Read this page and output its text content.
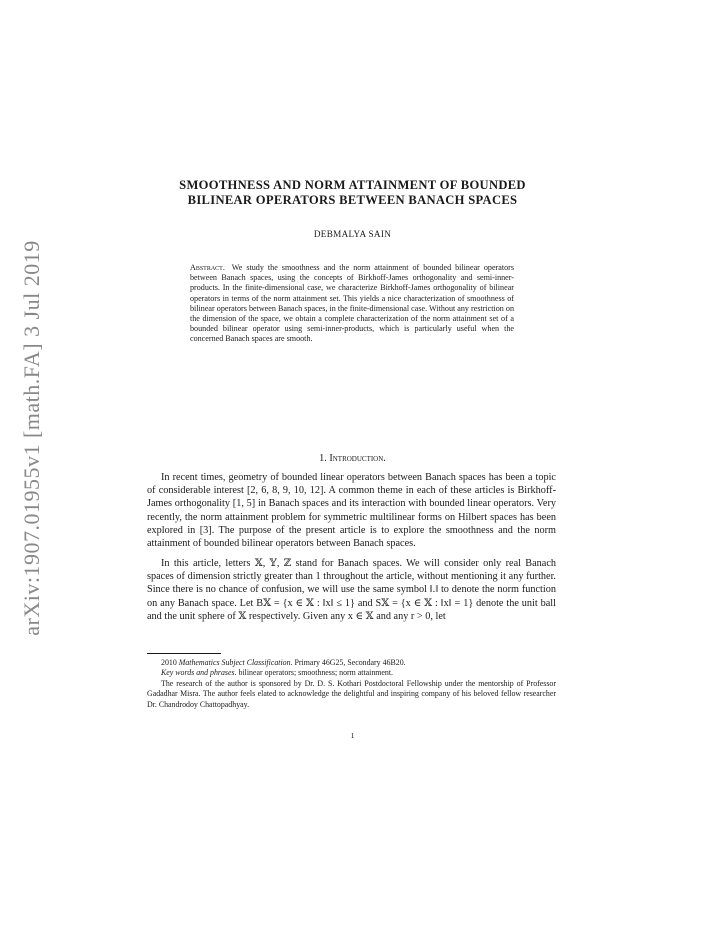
arXiv:1907.01955v1 [math.FA] 3 Jul 2019
SMOOTHNESS AND NORM ATTAINMENT OF BOUNDED
BILINEAR OPERATORS BETWEEN BANACH SPACES
DEBMALYA SAIN
Abstract. We study the smoothness and the norm attainment of bounded bilinear operators between Banach spaces, using the concepts of Birkhoff-James orthogonality and semi-inner-products. In the finite-dimensional case, we characterize Birkhoff-James orthogonality of bilinear operators in terms of the norm attainment set. This yields a nice characterization of smoothness of bilinear operators between Banach spaces, in the finite-dimensional case. Without any restriction on the dimension of the space, we obtain a complete characterization of the norm attainment set of a bounded bilinear operator using semi-inner-products, which is particularly useful when the concerned Banach spaces are smooth.
1. Introduction.

In recent times, geometry of bounded linear operators between Banach spaces has been a topic of considerable interest [2, 6, 8, 9, 10, 12]. A common theme in each of these articles is Birkhoff-James orthogonality [1, 5] in Banach spaces and its interaction with bounded linear operators. Very recently, the norm attainment problem for symmetric multilinear forms on Hilbert spaces has been explored in [3]. The purpose of the present article is to explore the smoothness and the norm attainment of bounded bilinear operators between Banach spaces.

In this article, letters 𝕏, 𝕐, ℤ stand for Banach spaces. We will consider only real Banach spaces of dimension strictly greater than 1 throughout the article, without mentioning it any further. Since there is no chance of confusion, we will use the same symbol ‖.‖ to denote the norm function on any Banach space. Let B𝕏 = {x ∈ 𝕏 : ‖x‖ ≤ 1} and S𝕏 = {x ∈ 𝕏 : ‖x‖ = 1} denote the unit ball and the unit sphere of 𝕏 respectively. Given any x ∈ 𝕏 and any r > 0, let

2010 Mathematics Subject Classification. Primary 46G25, Secondary 46B20.

Key words and phrases. bilinear operators; smoothness; norm attainment.

The research of the author is sponsored by Dr. D. S. Kothari Postdoctoral Fellowship under the mentorship of Professor Gadadhar Misra. The author feels elated to acknowledge the delightful and inspiring company of his beloved fellow researcher Dr. Chandrodoy Chattopadhyay.

1
